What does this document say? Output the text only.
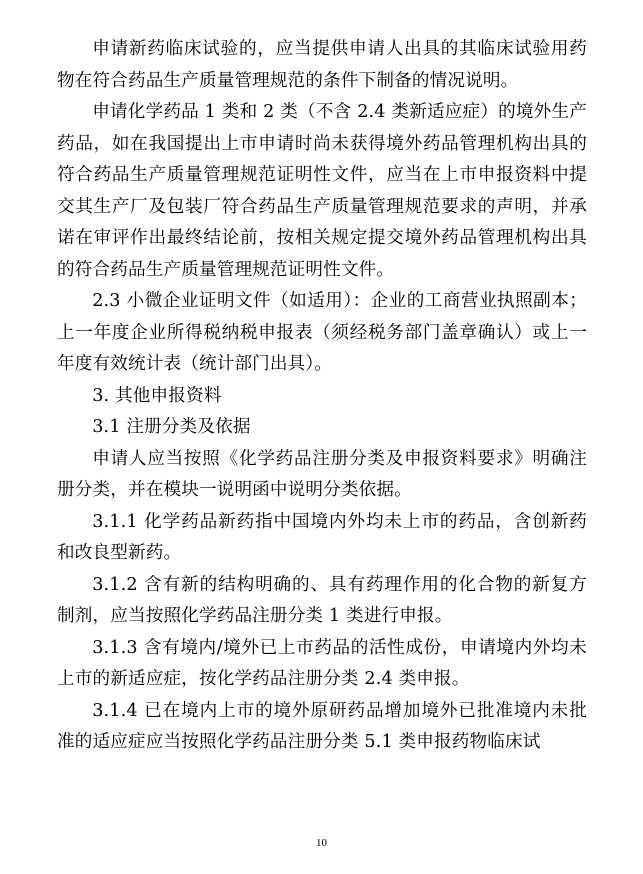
申请新药临床试验的，应当提供申请人出具的其临床试验用药物在符合药品生产质量管理规范的条件下制备的情况说明。

申请化学药品 1 类和 2 类（不含 2.4 类新适应症）的境外生产药品，如在我国提出上市申请时尚未获得境外药品管理机构出具的符合药品生产质量管理规范证明性文件，应当在上市申报资料中提交其生产厂及包装厂符合药品生产质量管理规范要求的声明，并承诺在审评作出最终结论前，按相关规定提交境外药品管理机构出具的符合药品生产质量管理规范证明性文件。

2.3 小微企业证明文件（如适用）：企业的工商营业执照副本；上一年度企业所得税纳税申报表（须经税务部门盖章确认）或上一年度有效统计表（统计部门出具）。

3. 其他申报资料

3.1 注册分类及依据

申请人应当按照《化学药品注册分类及申报资料要求》明确注册分类，并在模块一说明函中说明分类依据。

3.1.1 化学药品新药指中国境内外均未上市的药品，含创新药和改良型新药。

3.1.2 含有新的结构明确的、具有药理作用的化合物的新复方制剂，应当按照化学药品注册分类 1 类进行申报。

3.1.3 含有境内/境外已上市药品的活性成份，申请境内外均未上市的新适应症，按化学药品注册分类 2.4 类申报。

3.1.4 已在境内上市的境外原研药品增加境外已批准境内未批准的适应症应当按照化学药品注册分类 5.1 类申报药物临床试

10
